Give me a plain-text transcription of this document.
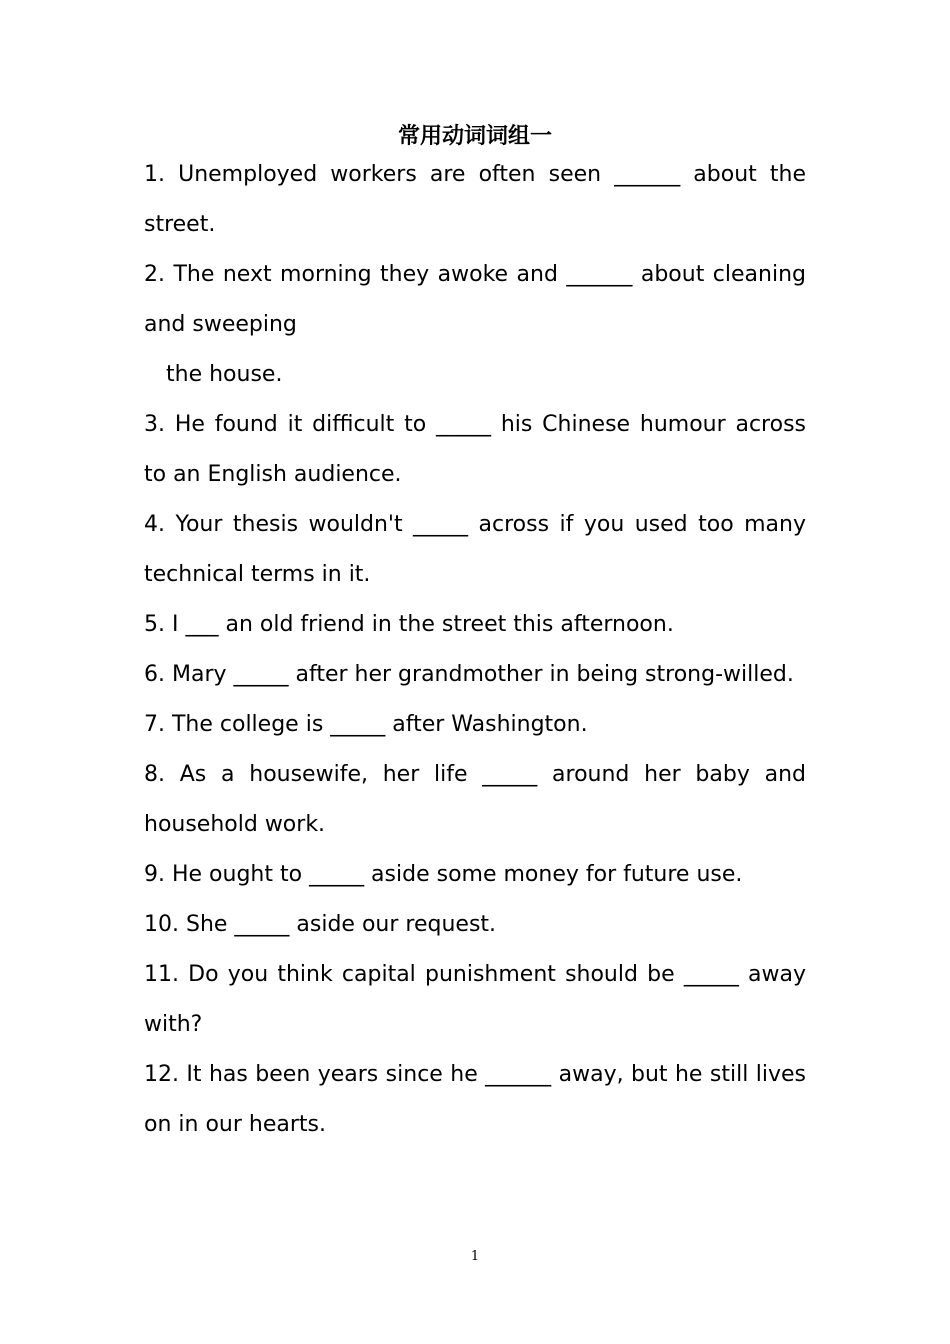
常用动词词组一

1. Unemployed workers are often seen ______ about the street.

2. The next morning they awoke and ______ about cleaning and sweeping

the house.

3. He found it difficult to _____ his Chinese humour across to an English audience.

4. Your thesis wouldn't _____ across if you used too many technical terms in it.

5. I ___ an old friend in the street this afternoon.

6. Mary _____ after her grandmother in being strong-willed.

7. The college is _____ after Washington.

8. As a housewife, her life _____ around her baby and household work.

9. He ought to _____ aside some money for future use.

10. She _____ aside our request.

11. Do you think capital punishment should be _____ away with?

12. It has been years since he ______ away, but he still lives on in our hearts.

1
